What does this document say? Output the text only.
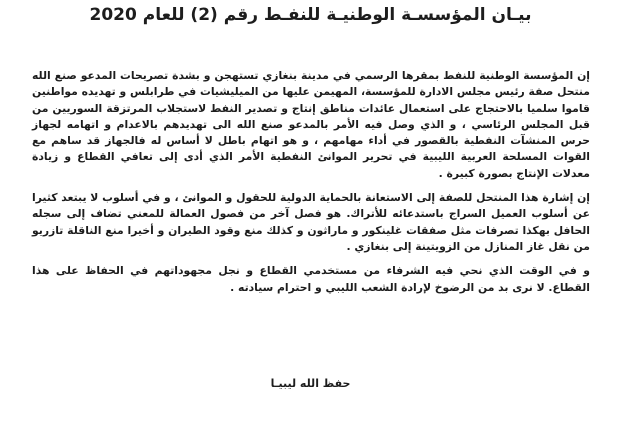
بيـان المؤسسـة الوطنيـة للنفـط رقم (2) للعام 2020

إن المؤسسة الوطنية للنفط بمقرها الرسمي في مدينة بنغازي تستهجن و بشدة تصريحات المدعو صنع الله منتحل صفة رئيس مجلس الادارة للمؤسسة، المهيمن عليها من الميليشيات في طرابلس و تهديده مواطنين قاموا سلميا بالاحتجاج على استعمال عائدات مناطق إنتاج و تصدير النفط لاستجلاب المرتزقة السوريين من قبل المجلس الرئاسي ، و الذي وصل فيه الأمر بالمدعو صنع الله الى تهديدهم بالاعدام و اتهامه لجهاز حرس المنشآت النفطية بالقصور في أداء مهامهم ، و هو اتهام باطل لا أساس له فالجهاز قد ساهم مع القوات المسلحة العربية الليبية في تحرير الموانئ النفطية الأمر الذي أدى إلى تعافي القطاع و زيادة معدلات الإنتاج بصورة كبيرة .

إن إشارة هذا المنتحل للصفة إلى الاستعانة بالحماية الدولية للحقول و الموانئ ، و في أسلوب لا يبتعد كثيرا عن أسلوب العميل السراج باستدعائه للأتراك. هو فصل آخر من فصول العمالة للمعني تضاف إلى سجله الحافل بهكذا تصرفات مثل صفقات غلينكور و ماراثون و كذلك منع وقود الطيران و أخيرا منع الناقلة تازريو من نقل غاز المنازل من الزويتينة إلى بنغازي .

و في الوقت الذي نحي فيه الشرفاء من مستخدمي القطاع و نجل مجهوداتهم في الحفاظ على هذا القطاع. لا نرى بد من الرضوخ لإرادة الشعب الليبي و احترام سيادته .

حفظ الله ليبيـا
